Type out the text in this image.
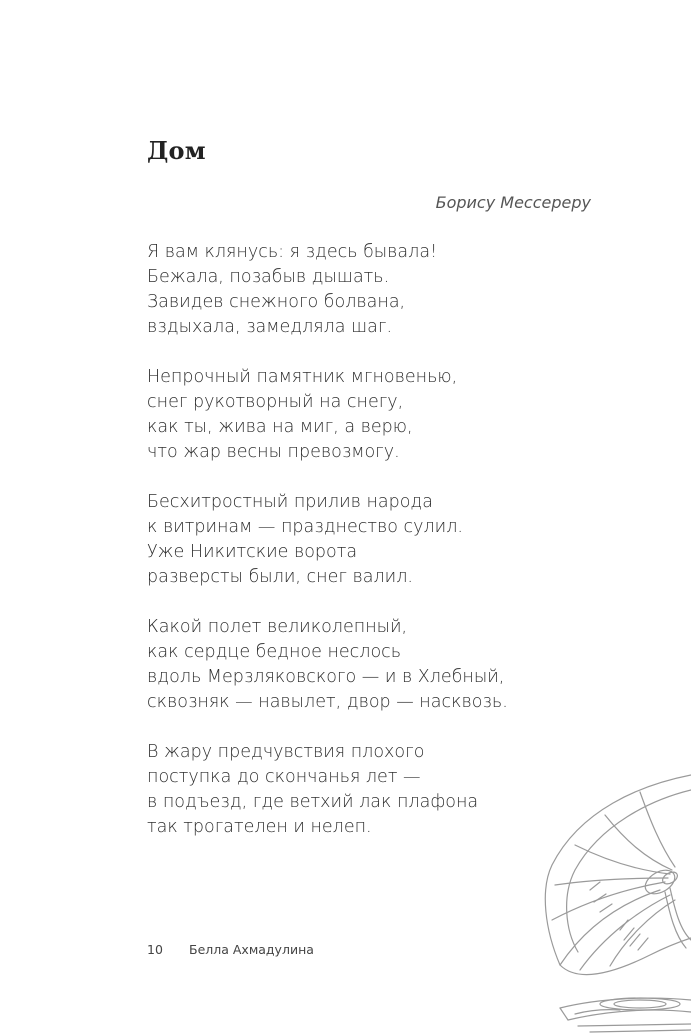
Дом
Борису Мессереру
Я вам клянусь: я здесь бывала!
Бежала, позабыв дышать.
Завидев снежного болвана,
вздыхала, замедляла шаг.
Непрочный памятник мгновенью,
снег рукотворный на снегу,
как ты, жива на миг, а верю,
что жар весны превозмогу.
Бесхитростный прилив народа
к витринам — празднество сулил.
Уже Никитские ворота
разверсты были, снег валил.
Какой полет великолепный,
как сердце бедное неслось
вдоль Мерзляковского — и в Хлебный,
сквозняк — навылет, двор — насквозь.
В жару предчувствия плохого
поступка до скончанья лет —
в подъезд, где ветхий лак плафона
так трогателен и нелеп.
10 Белла Ахмадулина
